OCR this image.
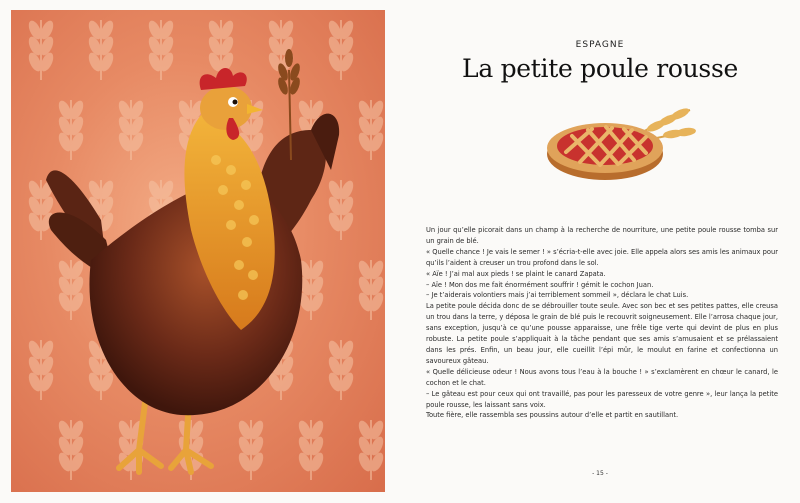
ESPAGNE
La petite poule rousse

Un jour qu’elle picorait dans un champ à la recherche de nourriture, une petite poule rousse tomba sur un grain de blé.

« Quelle chance ! Je vais le semer ! » s’écria-t-elle avec joie. Elle appela alors ses amis les animaux pour qu’ils l’aident à creuser un trou profond dans le sol.

« Aïe ! J’ai mal aux pieds ! se plaint le canard Zapata.

– Aïe ! Mon dos me fait énormément souffrir ! gémit le cochon Juan.

– Je t’aiderais volontiers mais j’ai terriblement sommeil », déclara le chat Luis.

La petite poule décida donc de se débrouiller toute seule. Avec son bec et ses petites pattes, elle creusa un trou dans la terre, y déposa le grain de blé puis le recouvrit soigneusement. Elle l’arrosa chaque jour, sans exception, jusqu’à ce qu’une pousse apparaisse, une frêle tige verte qui devint de plus en plus robuste. La petite poule s’appliquait à la tâche pendant que ses amis s’amusaient et se prélassaient dans les prés. Enfin, un beau jour, elle cueillit l’épi mûr, le moulut en farine et confectionna un savoureux gâteau.

« Quelle délicieuse odeur ! Nous avons tous l’eau à la bouche ! » s’exclamèrent en chœur le canard, le cochon et le chat.

– Le gâteau est pour ceux qui ont travaillé, pas pour les paresseux de votre genre », leur lança la petite poule rousse, les laissant sans voix.

Toute fière, elle rassembla ses poussins autour d’elle et partit en sautillant.

- 15 -
